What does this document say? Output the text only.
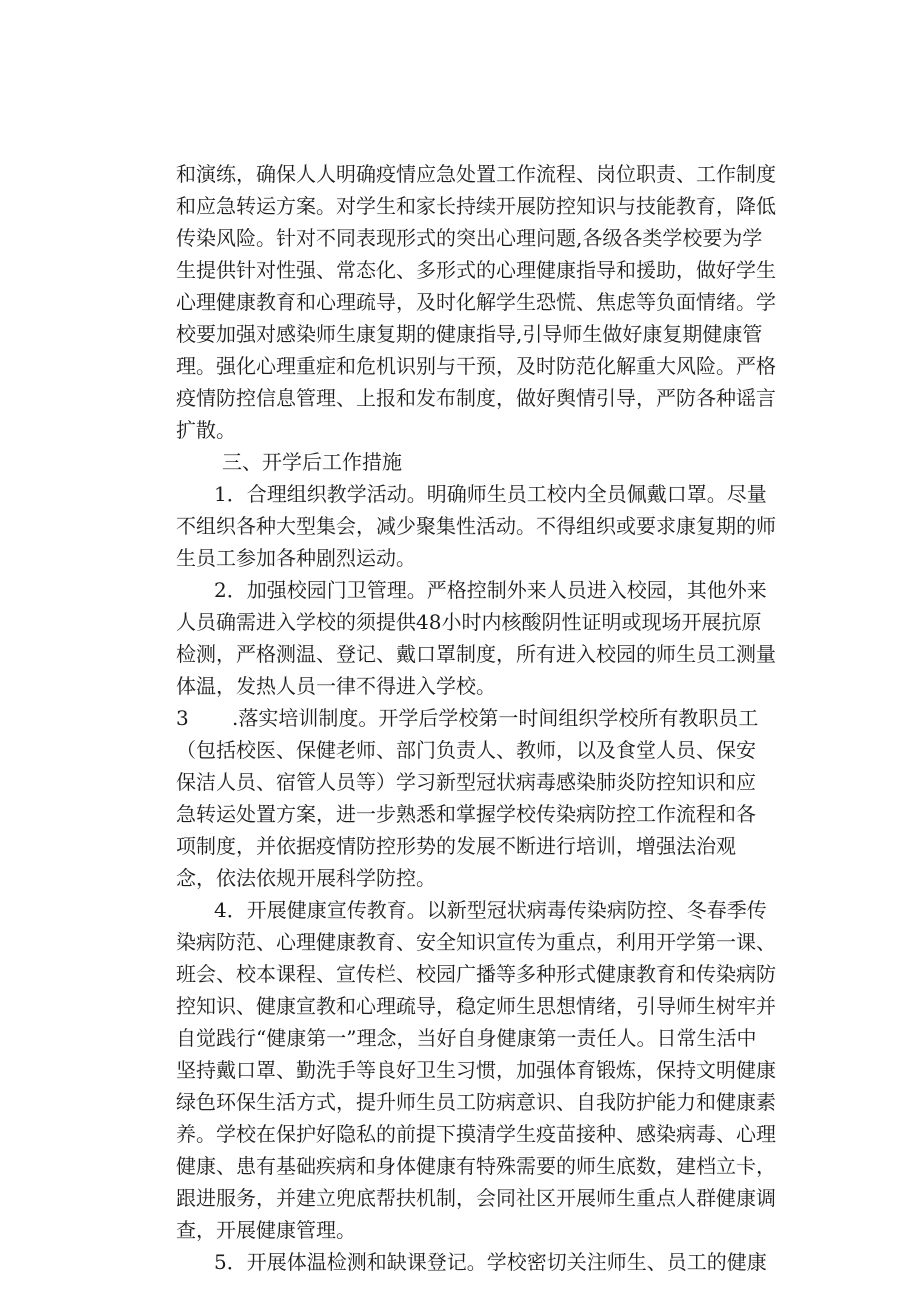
和演练，确保人人明确疫情应急处置工作流程、岗位职责、工作制度
和应急转运方案。对学生和家长持续开展防控知识与技能教育，降低
传染风险。针对不同表现形式的突出心理问题,各级各类学校要为学
生提供针对性强、常态化、多形式的心理健康指导和援助，做好学生
心理健康教育和心理疏导，及时化解学生恐慌、焦虑等负面情绪。学
校要加强对感染师生康复期的健康指导,引导师生做好康复期健康管
理。强化心理重症和危机识别与干预，及时防范化解重大风险。严格
疫情防控信息管理、上报和发布制度，做好舆情引导，严防各种谣言
扩散。
三、开学后工作措施
1．合理组织教学活动。明确师生员工校内全员佩戴口罩。尽量
不组织各种大型集会，减少聚集性活动。不得组织或要求康复期的师
生员工参加各种剧烈运动。
2．加强校园门卫管理。严格控制外来人员进入校园，其他外来
人员确需进入学校的须提供48小时内核酸阴性证明或现场开展抗原
检测，严格测温、登记、戴口罩制度，所有进入校园的师生员工测量
体温，发热人员一律不得进入学校。
3 .落实培训制度。开学后学校第一时间组织学校所有教职员工
（包括校医、保健老师、部门负责人、教师，以及食堂人员、保安
保洁人员、宿管人员等）学习新型冠状病毒感染肺炎防控知识和应
急转运处置方案，进一步熟悉和掌握学校传染病防控工作流程和各
项制度，并依据疫情防控形势的发展不断进行培训，增强法治观
念，依法依规开展科学防控。
4．开展健康宣传教育。以新型冠状病毒传染病防控、冬春季传
染病防范、心理健康教育、安全知识宣传为重点，利用开学第一课、
班会、校本课程、宣传栏、校园广播等多种形式健康教育和传染病防
控知识、健康宣教和心理疏导，稳定师生思想情绪，引导师生树牢并
自觉践行“健康第一”理念，当好自身健康第一责任人。日常生活中
坚持戴口罩、勤洗手等良好卫生习惯，加强体育锻炼，保持文明健康
绿色环保生活方式，提升师生员工防病意识、自我防护能力和健康素
养。学校在保护好隐私的前提下摸清学生疫苗接种、感染病毒、心理
健康、患有基础疾病和身体健康有特殊需要的师生底数，建档立卡，
跟进服务，并建立兜底帮扶机制，会同社区开展师生重点人群健康调
查，开展健康管理。
5．开展体温检测和缺课登记。学校密切关注师生、员工的健康
